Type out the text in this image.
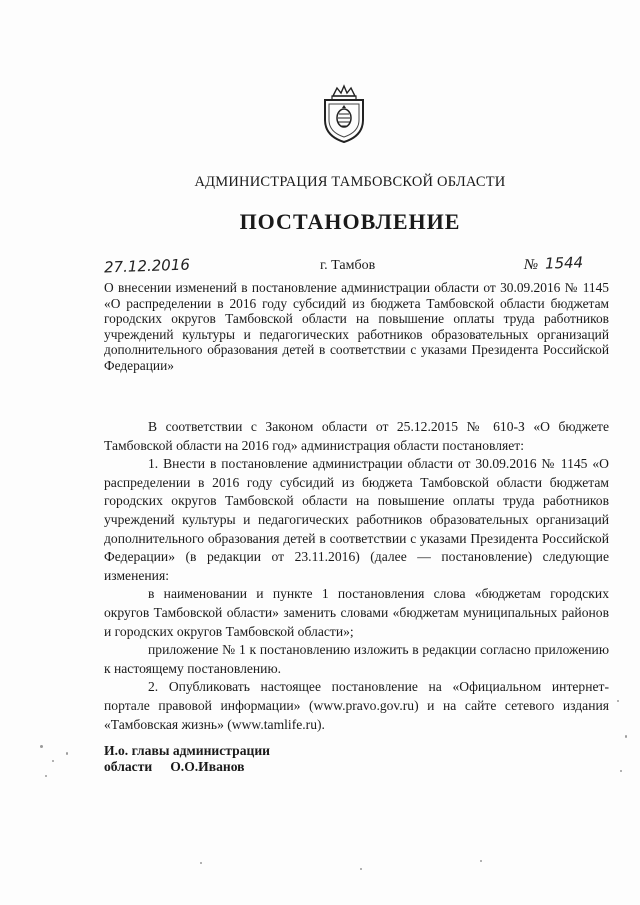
АДМИНИСТРАЦИЯ ТАМБОВСКОЙ ОБЛАСТИ
ПОСТАНОВЛЕНИЕ
27.12.2016	г. Тамбов	№ 1544
О внесении изменений в постановление администрации области от 30.09.2016 № 1145 «О распределении в 2016 году субсидий из бюджета Тамбовской области бюджетам городских округов Тамбовской области на повышение оплаты труда работников учреждений культуры и педагогических работников образовательных организаций дополнительного образования детей в соответствии с указами Президента Российской Федерации»

В соответствии с Законом области от 25.12.2015 № 610-З «О бюджете Тамбовской области на 2016 год» администрация области постановляет:

1. Внести в постановление администрации области от 30.09.2016 № 1145 «О распределении в 2016 году субсидий из бюджета Тамбовской области бюджетам городских округов Тамбовской области на повышение оплаты труда работников учреждений культуры и педагогических работников образовательных организаций дополнительного образования детей в соответствии с указами Президента Российской Федерации» (в редакции от 23.11.2016) (далее — постановление) следующие изменения:

в наименовании и пункте 1 постановления слова «бюджетам городских округов Тамбовской области» заменить словами «бюджетам муниципальных районов и городских округов Тамбовской области»;

приложение № 1 к постановлению изложить в редакции согласно приложению к настоящему постановлению.

2. Опубликовать настоящее постановление на «Официальном интернет-портале правовой информации» (www.pravo.gov.ru) и на сайте сетевого издания «Тамбовская жизнь» (www.tamlife.ru).

И.о. главы администрации
области О.О.Иванов
